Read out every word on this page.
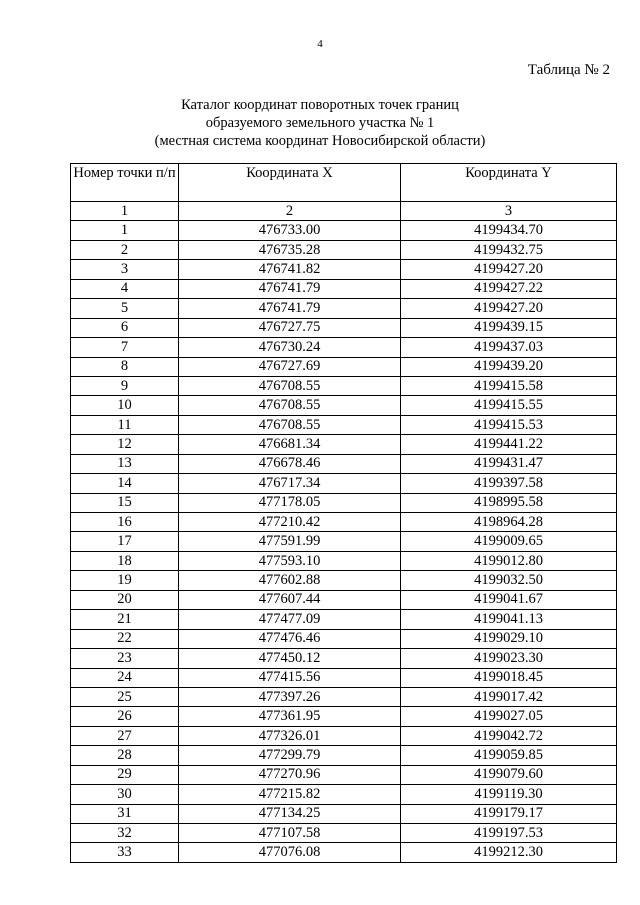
4
Таблица № 2
Каталог координат поворотных точек границ
образуемого земельного участка № 1
(местная система координат Новосибирской области)
Номер точки п/п	Координата X	Координата Y
1	2	3
1	476733.00	4199434.70
2	476735.28	4199432.75
3	476741.82	4199427.20
4	476741.79	4199427.22
5	476741.79	4199427.20
6	476727.75	4199439.15
7	476730.24	4199437.03
8	476727.69	4199439.20
9	476708.55	4199415.58
10	476708.55	4199415.55
11	476708.55	4199415.53
12	476681.34	4199441.22
13	476678.46	4199431.47
14	476717.34	4199397.58
15	477178.05	4198995.58
16	477210.42	4198964.28
17	477591.99	4199009.65
18	477593.10	4199012.80
19	477602.88	4199032.50
20	477607.44	4199041.67
21	477477.09	4199041.13
22	477476.46	4199029.10
23	477450.12	4199023.30
24	477415.56	4199018.45
25	477397.26	4199017.42
26	477361.95	4199027.05
27	477326.01	4199042.72
28	477299.79	4199059.85
29	477270.96	4199079.60
30	477215.82	4199119.30
31	477134.25	4199179.17
32	477107.58	4199197.53
33	477076.08	4199212.30
